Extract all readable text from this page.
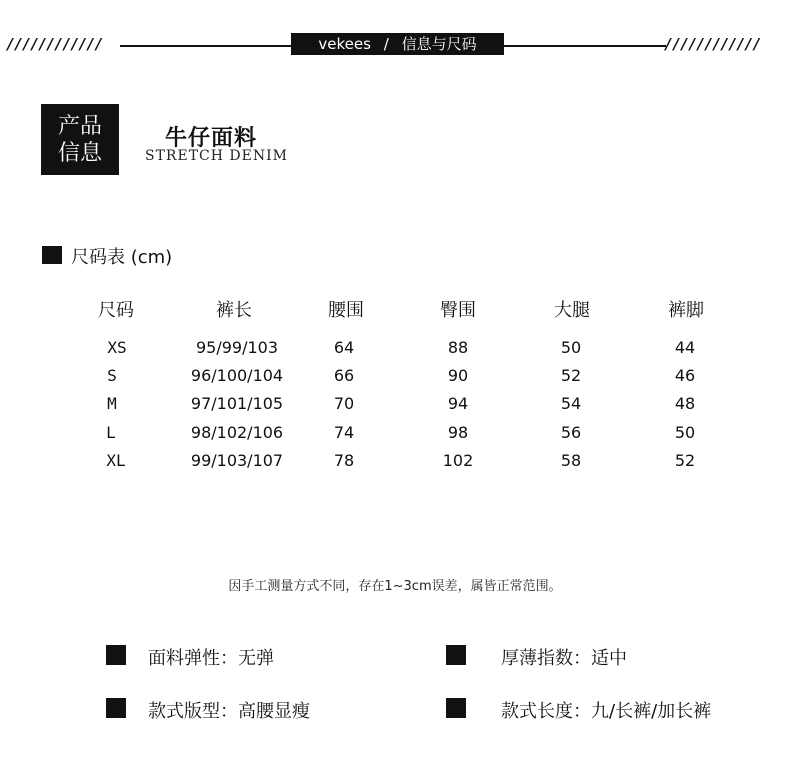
////////////	vekees / 信息与尺码	////////////
产品
信息
牛仔面料
STRETCH DENIM
尺码表 (cm)
尺码	裤长	腰围	臀围	大腿	裤脚
XS	95/99/103	64	88	50	44
S	96/100/104	66	90	52	46
M	97/101/105	70	94	54	48
L	98/102/106	74	98	56	50
XL	99/103/107	78	102	58	52
因手工测量方式不同，存在1~3cm误差，属皆正常范围。
面料弹性：无弹	厚薄指数：适中
款式版型：高腰显瘦	款式长度：九/长裤/加长裤
